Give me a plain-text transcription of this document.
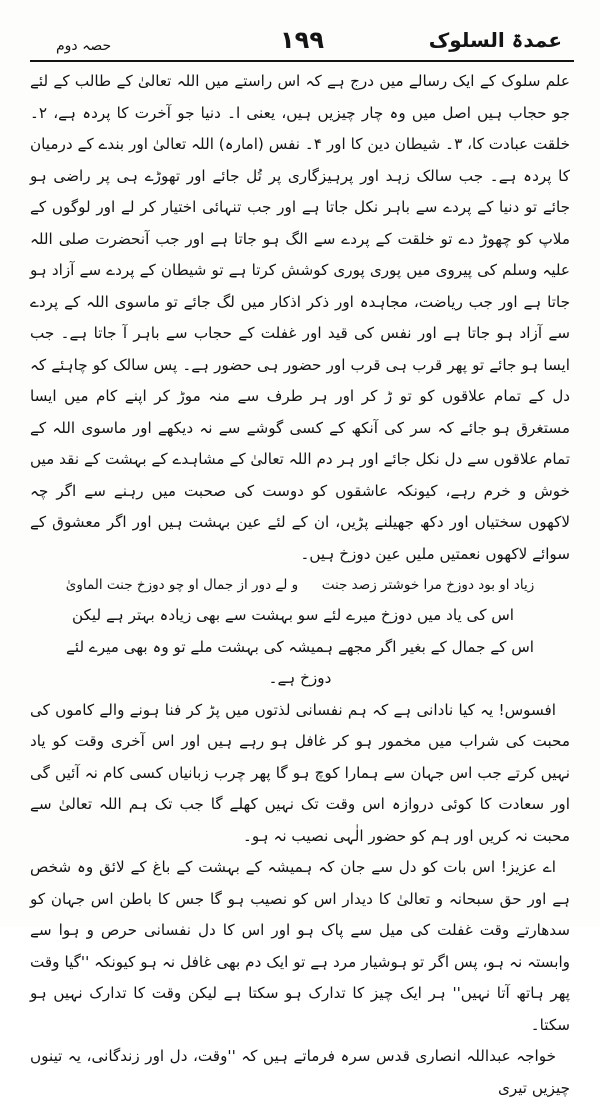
حصہ دوم	۱۹۹	عمدۃ السلوک

علم سلوک کے ایک رسالے میں درج ہے کہ اس راستے میں اللہ تعالیٰ کے طالب کے لئے جو حجاب ہیں اصل میں وہ چار چیزیں ہیں، یعنی ا۔ دنیا جو آخرت کا پردہ ہے، ۲۔ خلقت عبادت کا، ۳۔ شیطان دین کا اور ۴۔ نفس (امارہ) اللہ تعالیٰ اور بندے کے درمیان کا پردہ ہے۔ جب سالک زہد اور پرہیزگاری پر تُل جائے اور تھوڑے ہی پر راضی ہو جائے تو دنیا کے پردے سے باہر نکل جاتا ہے اور جب تنہائی اختیار کر لے اور لوگوں کے ملاپ کو چھوڑ دے تو خلقت کے پردے سے الگ ہو جاتا ہے اور جب آنحضرت صلی اللہ علیہ وسلم کی پیروی میں پوری پوری کوشش کرتا ہے تو شیطان کے پردے سے آزاد ہو جاتا ہے اور جب ریاضت، مجاہدہ اور ذکر اذکار میں لگ جائے تو ماسوی اللہ کے پردے سے آزاد ہو جاتا ہے اور نفس کی قید اور غفلت کے حجاب سے باہر آ جاتا ہے۔ جب ایسا ہو جائے تو پھر قرب ہی قرب اور حضور ہی حضور ہے۔ پس سالک کو چاہئے کہ دل کے تمام علاقوں کو تو ڑ کر اور ہر طرف سے منہ موڑ کر اپنے کام میں ایسا مستغرق ہو جائے کہ سر کی آنکھ کے کسی گوشے سے نہ دیکھے اور ماسوی اللہ کے تمام علاقوں سے دل نکل جائے اور ہر دم اللہ تعالیٰ کے مشاہدے کے بہشت کے نقد میں خوش و خرم رہے، کیونکہ عاشقوں کو دوست کی صحبت میں رہنے سے اگر چہ لاکھوں سختیاں اور دکھ جھیلنے پڑیں، ان کے لئے عین بہشت ہیں اور اگر معشوق کے سوائے لاکھوں نعمتیں ملیں عین دوزخ ہیں۔

زیاد او بود دوزخ مرا خوشتر زصد جنت
و لے دور از جمال او چو دوزخ جنت الماویٰ

اس کی یاد میں دوزخ میرے لئے سو بہشت سے بھی زیادہ بہتر ہے لیکن اس کے جمال کے بغیر اگر مجھے ہمیشہ کی بہشت ملے تو وہ بھی میرے لئے دوزخ ہے۔

افسوس! یہ کیا نادانی ہے کہ ہم نفسانی لذتوں میں پڑ کر فنا ہونے والے کاموں کی محبت کی شراب میں مخمور ہو کر غافل ہو رہے ہیں اور اس آخری وقت کو یاد نہیں کرتے جب اس جہان سے ہمارا کوچ ہو گا پھر چرب زبانیاں کسی کام نہ آئیں گی اور سعادت کا کوئی دروازہ اس وقت تک نہیں کھلے گا جب تک ہم اللہ تعالیٰ سے محبت نہ کریں اور ہم کو حضور الٰہی نصیب نہ ہو۔

اے عزیز! اس بات کو دل سے جان کہ ہمیشہ کے بہشت کے باغ کے لائق وہ شخص ہے اور حق سبحانہ و تعالیٰ کا دیدار اس کو نصیب ہو گا جس کا باطن اس جہان کو سدھارتے وقت غفلت کی میل سے پاک ہو اور اس کا دل نفسانی حرص و ہوا سے وابستہ نہ ہو، پس اگر تو ہوشیار مرد ہے تو ایک دم بھی غافل نہ ہو کیونکہ ''گیا وقت پھر ہاتھ آتا نہیں'' ہر ایک چیز کا تدارک ہو سکتا ہے لیکن وقت کا تدارک نہیں ہو سکتا۔

خواجہ عبداللہ انصاری قدس سرہ فرماتے ہیں کہ ''وقت، دل اور زندگانی، یہ تینوں چیزیں تیری
